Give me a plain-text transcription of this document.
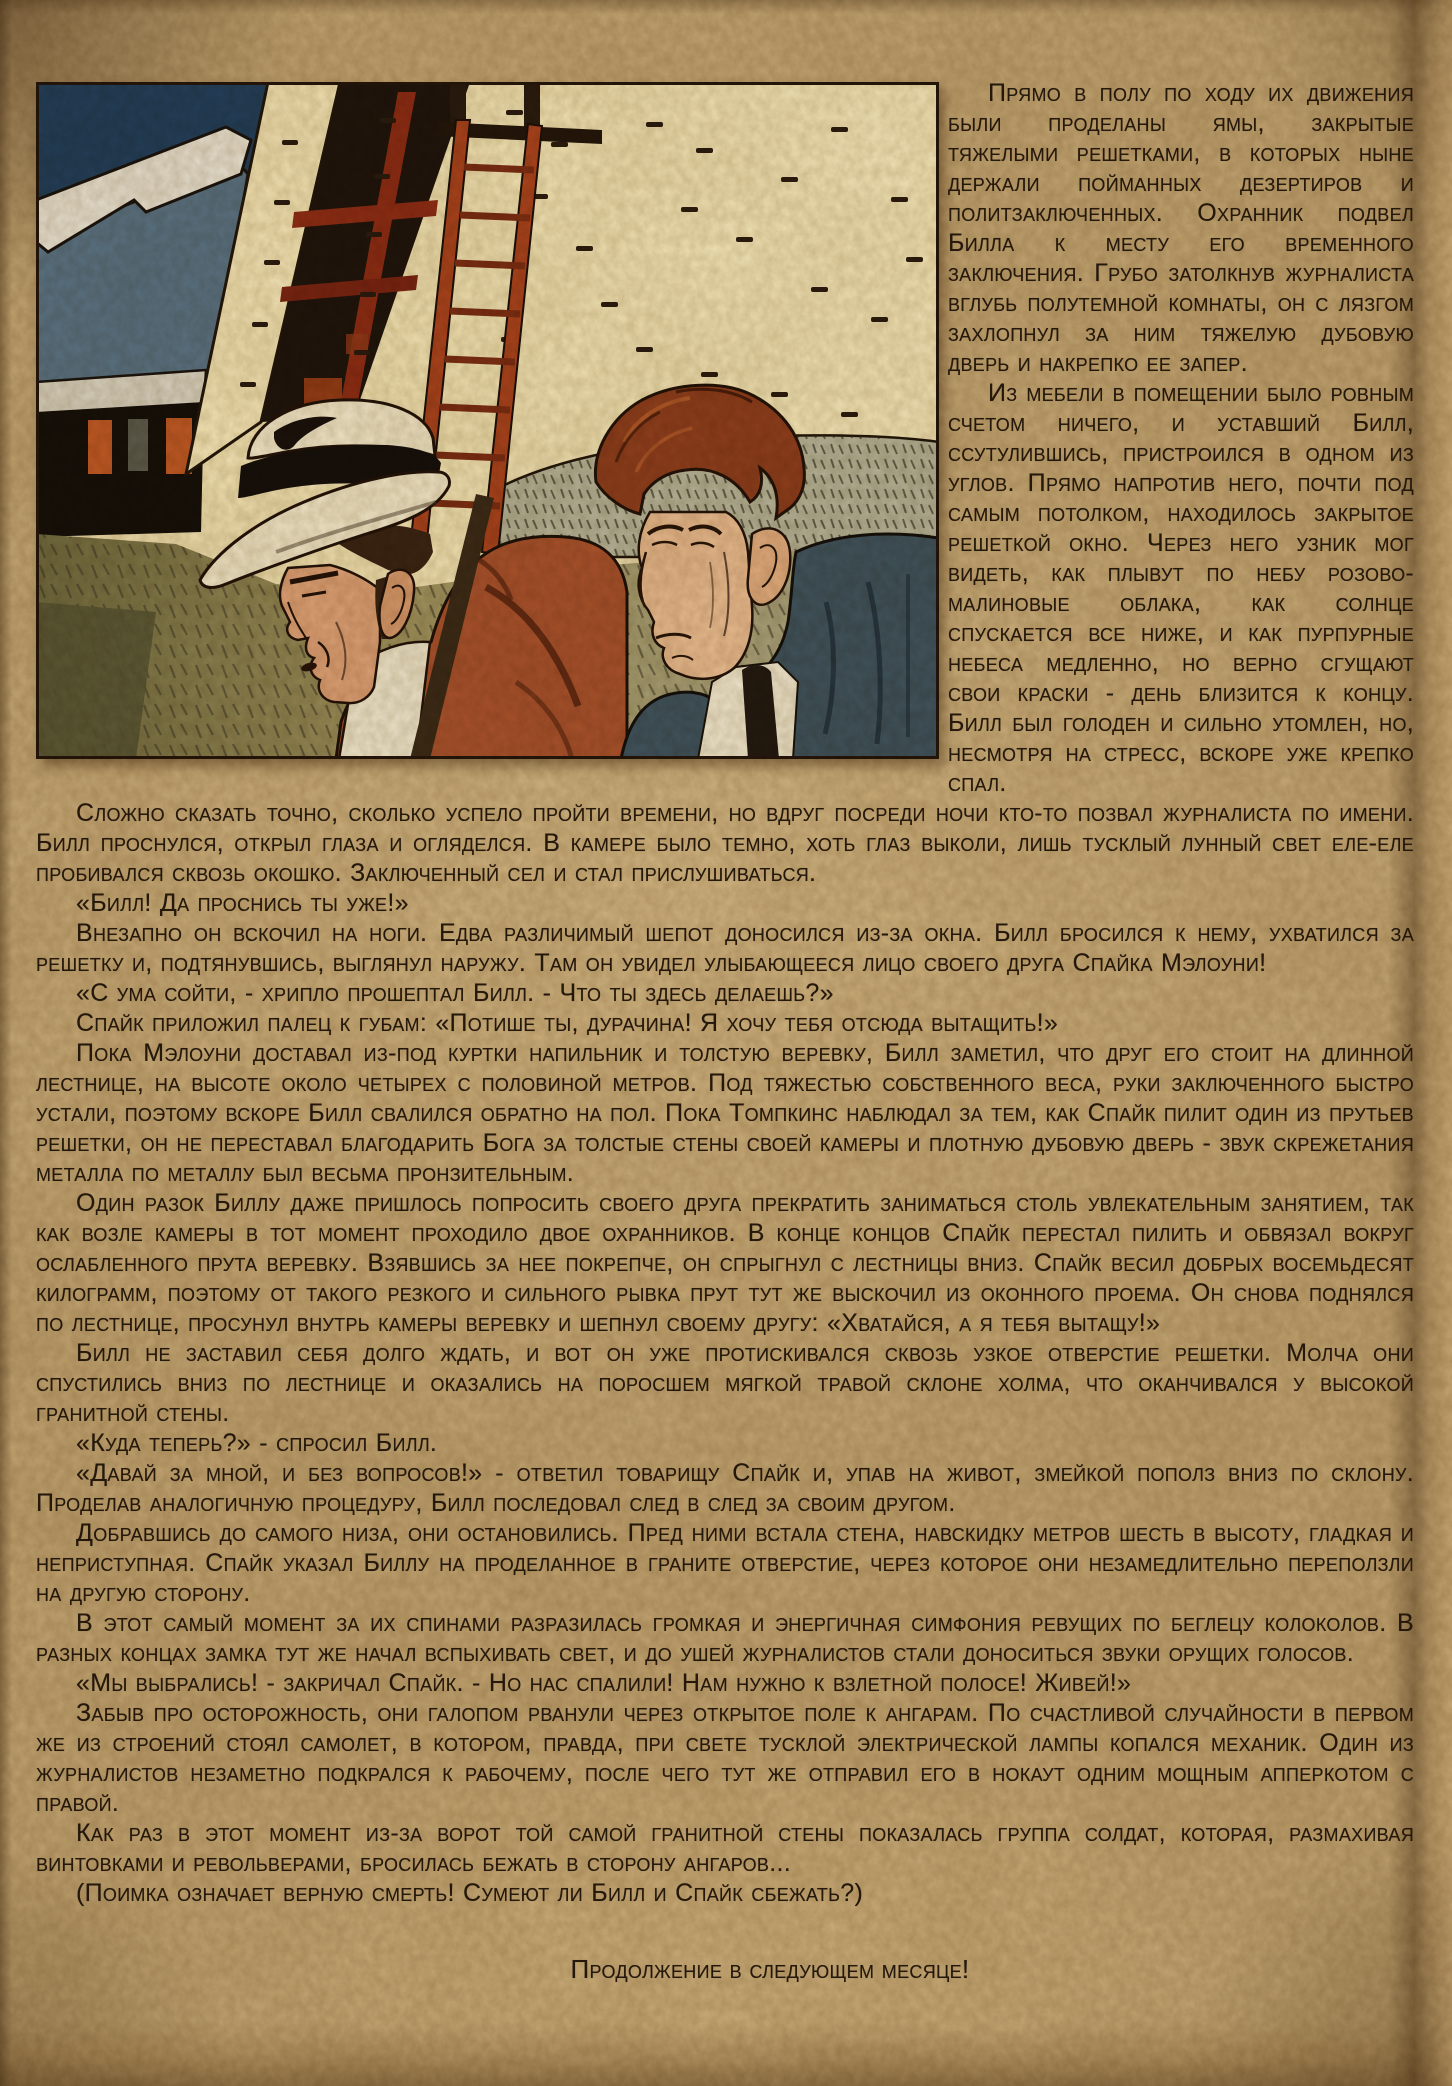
Прямо в полу по ходу их движения были проделаны ямы, закрытые тяжелыми решетками, в которых ныне держали пойманных дезертиров и политзаключенных. Охранник подвел Билла к месту его временного заключения. Грубо затолкнув журналиста вглубь полутемной комнаты, он с лязгом захлопнул за ним тяжелую дубовую дверь и накрепко ее запер.

Из мебели в помещении было ровным счетом ничего, и уставший Билл, ссутулившись, пристроился в одном из углов. Прямо напротив него, почти под самым потолком, находилось закрытое решеткой окно. Через него узник мог видеть, как плывут по небу розово-малиновые облака, как солнце спускается все ниже, и как пурпурные небеса медленно, но верно сгущают свои краски - день близится к концу. Билл был голоден и сильно утомлен, но, несмотря на стресс, вскоре уже крепко спал.

Сложно сказать точно, сколько успело пройти времени, но вдруг посреди ночи кто-то позвал журналиста по имени. Билл проснулся, открыл глаза и огляделся. В камере было темно, хоть глаз выколи, лишь тусклый лунный свет еле-еле пробивался сквозь окошко. Заключенный сел и стал прислушиваться.

«Билл! Да проснись ты уже!»

Внезапно он вскочил на ноги. Едва различимый шепот доносился из-за окна. Билл бросился к нему, ухватился за решетку и, подтянувшись, выглянул наружу. Там он увидел улыбающееся лицо своего друга Спайка Мэлоуни!

«С ума сойти, - хрипло прошептал Билл. - Что ты здесь делаешь?»

Спайк приложил палец к губам: «Потише ты, дурачина! Я хочу тебя отсюда вытащить!»

Пока Мэлоуни доставал из-под куртки напильник и толстую веревку, Билл заметил, что друг его стоит на длинной лестнице, на высоте около четырех с половиной метров. Под тяжестью собственного веса, руки заключенного быстро устали, поэтому вскоре Билл свалился обратно на пол. Пока Томпкинс наблюдал за тем, как Спайк пилит один из прутьев решетки, он не переставал благодарить Бога за толстые стены своей камеры и плотную дубовую дверь - звук скрежетания металла по металлу был весьма пронзительным.

Один разок Биллу даже пришлось попросить своего друга прекратить заниматься столь увлекательным занятием, так как возле камеры в тот момент проходило двое охранников. В конце концов Спайк перестал пилить и обвязал вокруг ослабленного прута веревку. Взявшись за нее покрепче, он спрыгнул с лестницы вниз. Спайк весил добрых восемьдесят килограмм, поэтому от такого резкого и сильного рывка прут тут же выскочил из оконного проема. Он снова поднялся по лестнице, просунул внутрь камеры веревку и шепнул своему другу: «Хватайся, а я тебя вытащу!»

Билл не заставил себя долго ждать, и вот он уже протискивался сквозь узкое отверстие решетки. Молча они спустились вниз по лестнице и оказались на поросшем мягкой травой склоне холма, что оканчивался у высокой гранитной стены.

«Куда теперь?» - спросил Билл.

«Давай за мной, и без вопросов!» - ответил товарищу Спайк и, упав на живот, змейкой пополз вниз по склону. Проделав аналогичную процедуру, Билл последовал след в след за своим другом.

Добравшись до самого низа, они остановились. Пред ними встала стена, навскидку метров шесть в высоту, гладкая и неприступная. Спайк указал Биллу на проделанное в граните отверстие, через которое они незамедлительно переползли на другую сторону.

В этот самый момент за их спинами разразилась громкая и энергичная симфония ревущих по беглецу колоколов. В разных концах замка тут же начал вспыхивать свет, и до ушей журналистов стали доноситься звуки орущих голосов.

«Мы выбрались! - закричал Спайк. - Но нас спалили! Нам нужно к взлетной полосе! Живей!»

Забыв про осторожность, они галопом рванули через открытое поле к ангарам. По счастливой случайности в первом же из строений стоял самолет, в котором, правда, при свете тусклой электрической лампы копался механик. Один из журналистов незаметно подкрался к рабочему, после чего тут же отправил его в нокаут одним мощным апперкотом с правой.

Как раз в этот момент из-за ворот той самой гранитной стены показалась группа солдат, которая, размахивая винтовками и револьверами, бросилась бежать в сторону ангаров...

(Поимка означает верную смерть! Сумеют ли Билл и Спайк сбежать?)

Продолжение в следующем месяце!
